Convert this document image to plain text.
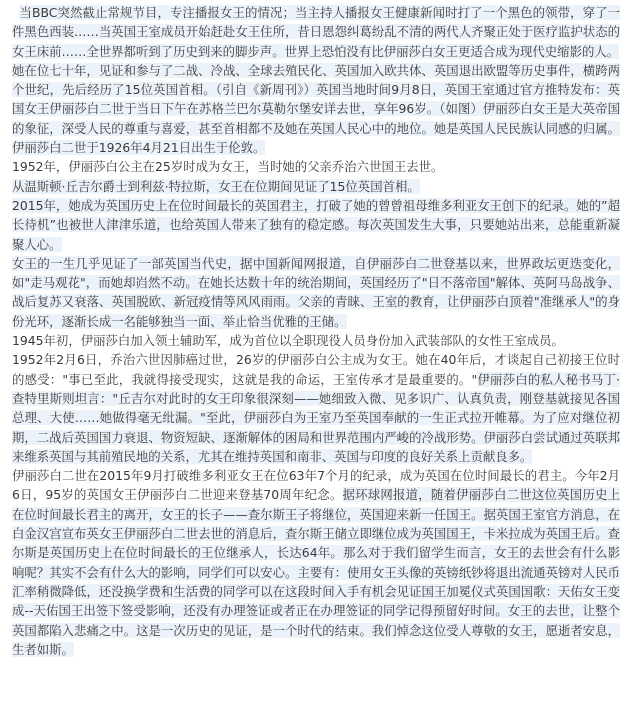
当BBC突然截止常规节目，专注播报女王的情况；当主持人播报女王健康新闻时打了一个黑色的领带，穿了一件黑色西装……当英国王室成员开始赶赴女王住所，昔日恩怨纠葛纷乱不清的两代人齐聚正处于医疗监护状态的女王床前……全世界都听到了历史到来的脚步声。世界上恐怕没有比伊丽莎白女王更适合成为现代史缩影的人。

她在位七十年，见证和参与了二战、冷战、全球去殖民化、英国加入欧共体、英国退出欧盟等历史事件，横跨两个世纪，先后经历了15位英国首相。（引自《新周刊》）英国当地时间9月8日，英国王室通过官方推特发布：英国女王伊丽莎白二世于当日下午在苏格兰巴尔莫勒尔堡安详去世，享年96岁。（如图）伊丽莎白女王是大英帝国的象征，深受人民的尊重与喜爱，甚至首相都不及她在英国人民心中的地位。她是英国人民民族认同感的归属。伊丽莎白二世于1926年4月21日出生于伦敦。

1952年，伊丽莎白公主在25岁时成为女王，当时她的父亲乔治六世国王去世。

从温斯顿·丘吉尔爵士到利兹·特拉斯，女王在位期间见证了15位英国首相。

2015年，她成为英国历史上在位时间最长的英国君主，打破了她的曾曾祖母维多利亚女王创下的纪录。她的”超长待机”也被世人津津乐道，也给英国人带来了独有的稳定感。每次英国发生大事，只要她站出来，总能重新凝聚人心。

女王的一生几乎见证了一部英国当代史，据中国新闻网报道，自伊丽莎白二世登基以来，世界政坛更迭变化，如"走马观花"，而她却岿然不动。在她长达数十年的统治期间，英国经历了"日不落帝国"解体、英阿马岛战争、战后复苏又衰落、英国脱欧、新冠疫情等风风雨雨。父亲的青睐、王室的教育，让伊丽莎白顶着"准继承人"的身份光环，逐渐长成一名能够独当一面、举止恰当优雅的王储。

1945年初，伊丽莎白加入领土辅助军，成为首位以全职现役人员身份加入武装部队的女性王室成员。

1952年2月6日，乔治六世因肺癌过世，26岁的伊丽莎白公主成为女王。她在40年后，才谈起自己初接王位时的感受："事已至此，我就得接受现实，这就是我的命运，王室传承才是最重要的。"伊丽莎白的私人秘书马丁·查特里斯则坦言："丘吉尔对此时的女王印象很深刻——她细致入微、见多识广、认真负责，刚登基就接见各国总理、大使……她做得毫无纰漏。"至此，伊丽莎白为王室乃至英国奉献的一生正式拉开帷幕。为了应对继位初期，二战后英国国力衰退、物资短缺、逐渐解体的困局和世界范围内严峻的冷战形势。伊丽莎白尝试通过英联邦来维系英国与其前殖民地的关系，尤其在维持英国和南非、英国与印度的良好关系上贡献良多。

伊丽莎白二世在2015年9月打破维多利亚女王在位63年7个月的纪录，成为英国在位时间最长的君主。今年2月6日，95岁的英国女王伊丽莎白二世迎来登基70周年纪念。据环球网报道，随着伊丽莎白二世这位英国历史上在位时间最长君主的离开，女王的长子——查尔斯王子将继位，英国迎来新一任国王。据英国王室官方消息，在白金汉宫宣布英女王伊丽莎白二世去世的消息后，查尔斯王储立即继位成为英国国王，卡米拉成为英国王后。查尔斯是英国历史上在位时间最长的王位继承人，长达64年。那么对于我们留学生而言，女王的去世会有什么影响呢？其实不会有什么大的影响，同学们可以安心。主要有：使用女王头像的英镑纸钞将退出流通英镑对人民币汇率稍微降低，还没换学费和生活费的同学可以在这段时间入手有机会见证国王加冕仪式英国国歌：天佑女王变成--天佑国王出签下签受影响，还没有办理签证或者正在办理签证的同学记得预留好时间。女王的去世，让整个英国都陷入悲痛之中。这是一次历史的见证，是一个时代的结束。我们悼念这位受人尊敬的女王，愿逝者安息，生者如斯。
